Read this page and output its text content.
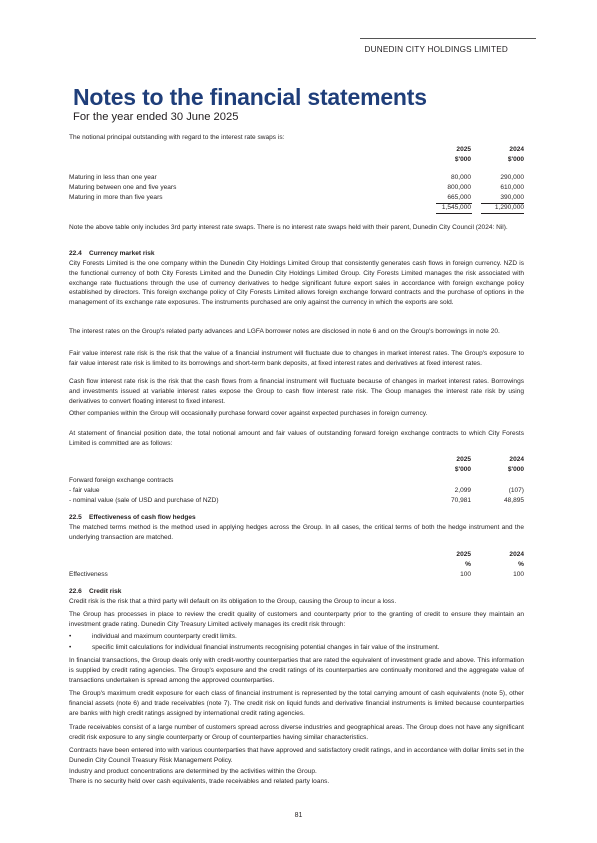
DUNEDIN CITY HOLDINGS LIMITED
Notes to the financial statements
For the year ended 30 June 2025
The notional principal outstanding with regard to the interest rate swaps is:
2025	2024
$'000	$'000
Maturing in less than one year	80,000	290,000
Maturing between one and five years	800,000	610,000
Maturing in more than five years	665,000	390,000
1,545,000	1,290,000
Note the above table only includes 3rd party interest rate swaps. There is no interest rate swaps held with their parent, Dunedin City Council (2024: Nil).
22.4 Currency market risk
City Forests Limited is the one company within the Dunedin City Holdings Limited Group that consistently generates cash flows in foreign currency. NZD is the functional currency of both City Forests Limited and the Dunedin City Holdings Limited Group. City Forests Limited manages the risk associated with exchange rate fluctuations through the use of currency derivatives to hedge significant future export sales in accordance with foreign exchange policy established by directors. This foreign exchange policy of City Forests Limited allows foreign exchange forward contracts and the purchase of options in the management of its exchange rate exposures. The instruments purchased are only against the currency in which the exports are sold.
The interest rates on the Group's related party advances and LGFA borrower notes are disclosed in note 6 and on the Group's borrowings in note 20.
Fair value interest rate risk is the risk that the value of a financial instrument will fluctuate due to changes in market interest rates. The Group's exposure to fair value interest rate risk is limited to its borrowings and short-term bank deposits, at fixed interest rates and derivatives at fixed interest rates.
Cash flow interest rate risk is the risk that the cash flows from a financial instrument will fluctuate because of changes in market interest rates. Borrowings and investments issued at variable interest rates expose the Group to cash flow interest rate risk. The Goup manages the interest rate risk by using derivatives to convert floating interest to fixed interest.
Other companies within the Group will occasionally purchase forward cover against expected purchases in foreign currency.
At statement of financial position date, the total notional amount and fair values of outstanding forward foreign exchange contracts to which City Forests Limited is committed are as follows:
2025	2024
$'000	$'000
Forward foreign exchange contracts
- fair value	2,099	(107)
- nominal value (sale of USD and purchase of NZD)	70,981	48,895
22.5 Effectiveness of cash flow hedges
The matched terms method is the method used in applying hedges across the Group. In all cases, the critical terms of both the hedge instrument and the underlying transaction are matched.
2025	2024
%	%
Effectiveness	100	100
22.6 Credit risk
Credit risk is the risk that a third party will default on its obligation to the Group, causing the Group to incur a loss.
The Group has processes in place to review the credit quality of customers and counterparty prior to the granting of credit to ensure they maintain an investment grade rating. Dunedin City Treasury Limited actively manages its credit risk through:
•	individual and maximum counterparty credit limits.
•	specific limit calculations for individual financial instruments recognising potential changes in fair value of the instrument.
In financial transactions, the Group deals only with credit-worthy counterparties that are rated the equivalent of investment grade and above. This information is supplied by credit rating agencies. The Group's exposure and the credit ratings of its counterparties are continually monitored and the aggregate value of transactions undertaken is spread among the approved counterparties.
The Group's maximum credit exposure for each class of financial instrument is represented by the total carrying amount of cash equivalents (note 5), other financial assets (note 6) and trade receivables (note 7). The credit risk on liquid funds and derivative financial instruments is limited because counterparties are banks with high credit ratings assigned by international credit rating agencies.
Trade receivables consist of a large number of customers spread across diverse industries and geographical areas. The Group does not have any significant credit risk exposure to any single counterparty or Group of counterparties having similar characteristics.
Contracts have been entered into with various counterparties that have approved and satisfactory credit ratings, and in accordance with dollar limits set in the Dunedin City Council Treasury Risk Management Policy.
Industry and product concentrations are determined by the activities within the Group.
There is no security held over cash equivalents, trade receivables and related party loans.
81
